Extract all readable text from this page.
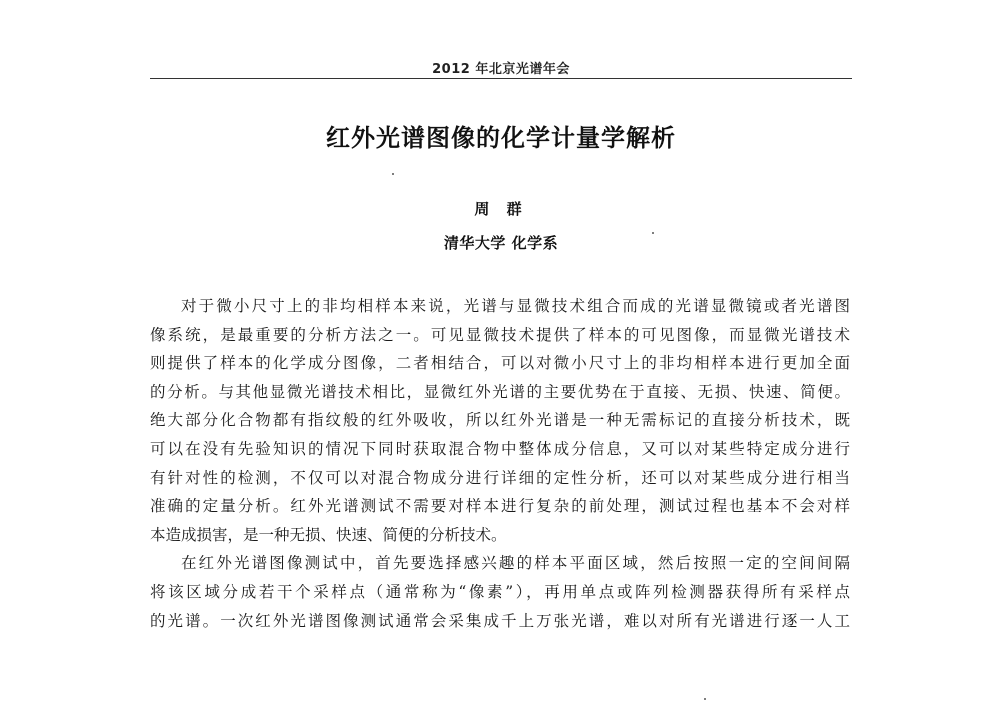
2012 年北京光谱年会
红外光谱图像的化学计量学解析
周 群
清华大学 化学系
对于微小尺寸上的非均相样本来说，光谱与显微技术组合而成的光谱显微镜或者光谱图
像系统，是最重要的分析方法之一。可见显微技术提供了样本的可见图像，而显微光谱技术
则提供了样本的化学成分图像，二者相结合，可以对微小尺寸上的非均相样本进行更加全面
的分析。与其他显微光谱技术相比，显微红外光谱的主要优势在于直接、无损、快速、简便。
绝大部分化合物都有指纹般的红外吸收，所以红外光谱是一种无需标记的直接分析技术，既
可以在没有先验知识的情况下同时获取混合物中整体成分信息，又可以对某些特定成分进行
有针对性的检测，不仅可以对混合物成分进行详细的定性分析，还可以对某些成分进行相当
准确的定量分析。红外光谱测试不需要对样本进行复杂的前处理，测试过程也基本不会对样
本造成损害，是一种无损、快速、简便的分析技术。
在红外光谱图像测试中，首先要选择感兴趣的样本平面区域，然后按照一定的空间间隔
将该区域分成若干个采样点（通常称为“像素”），再用单点或阵列检测器获得所有采样点
的光谱。一次红外光谱图像测试通常会采集成千上万张光谱，难以对所有光谱进行逐一人工
